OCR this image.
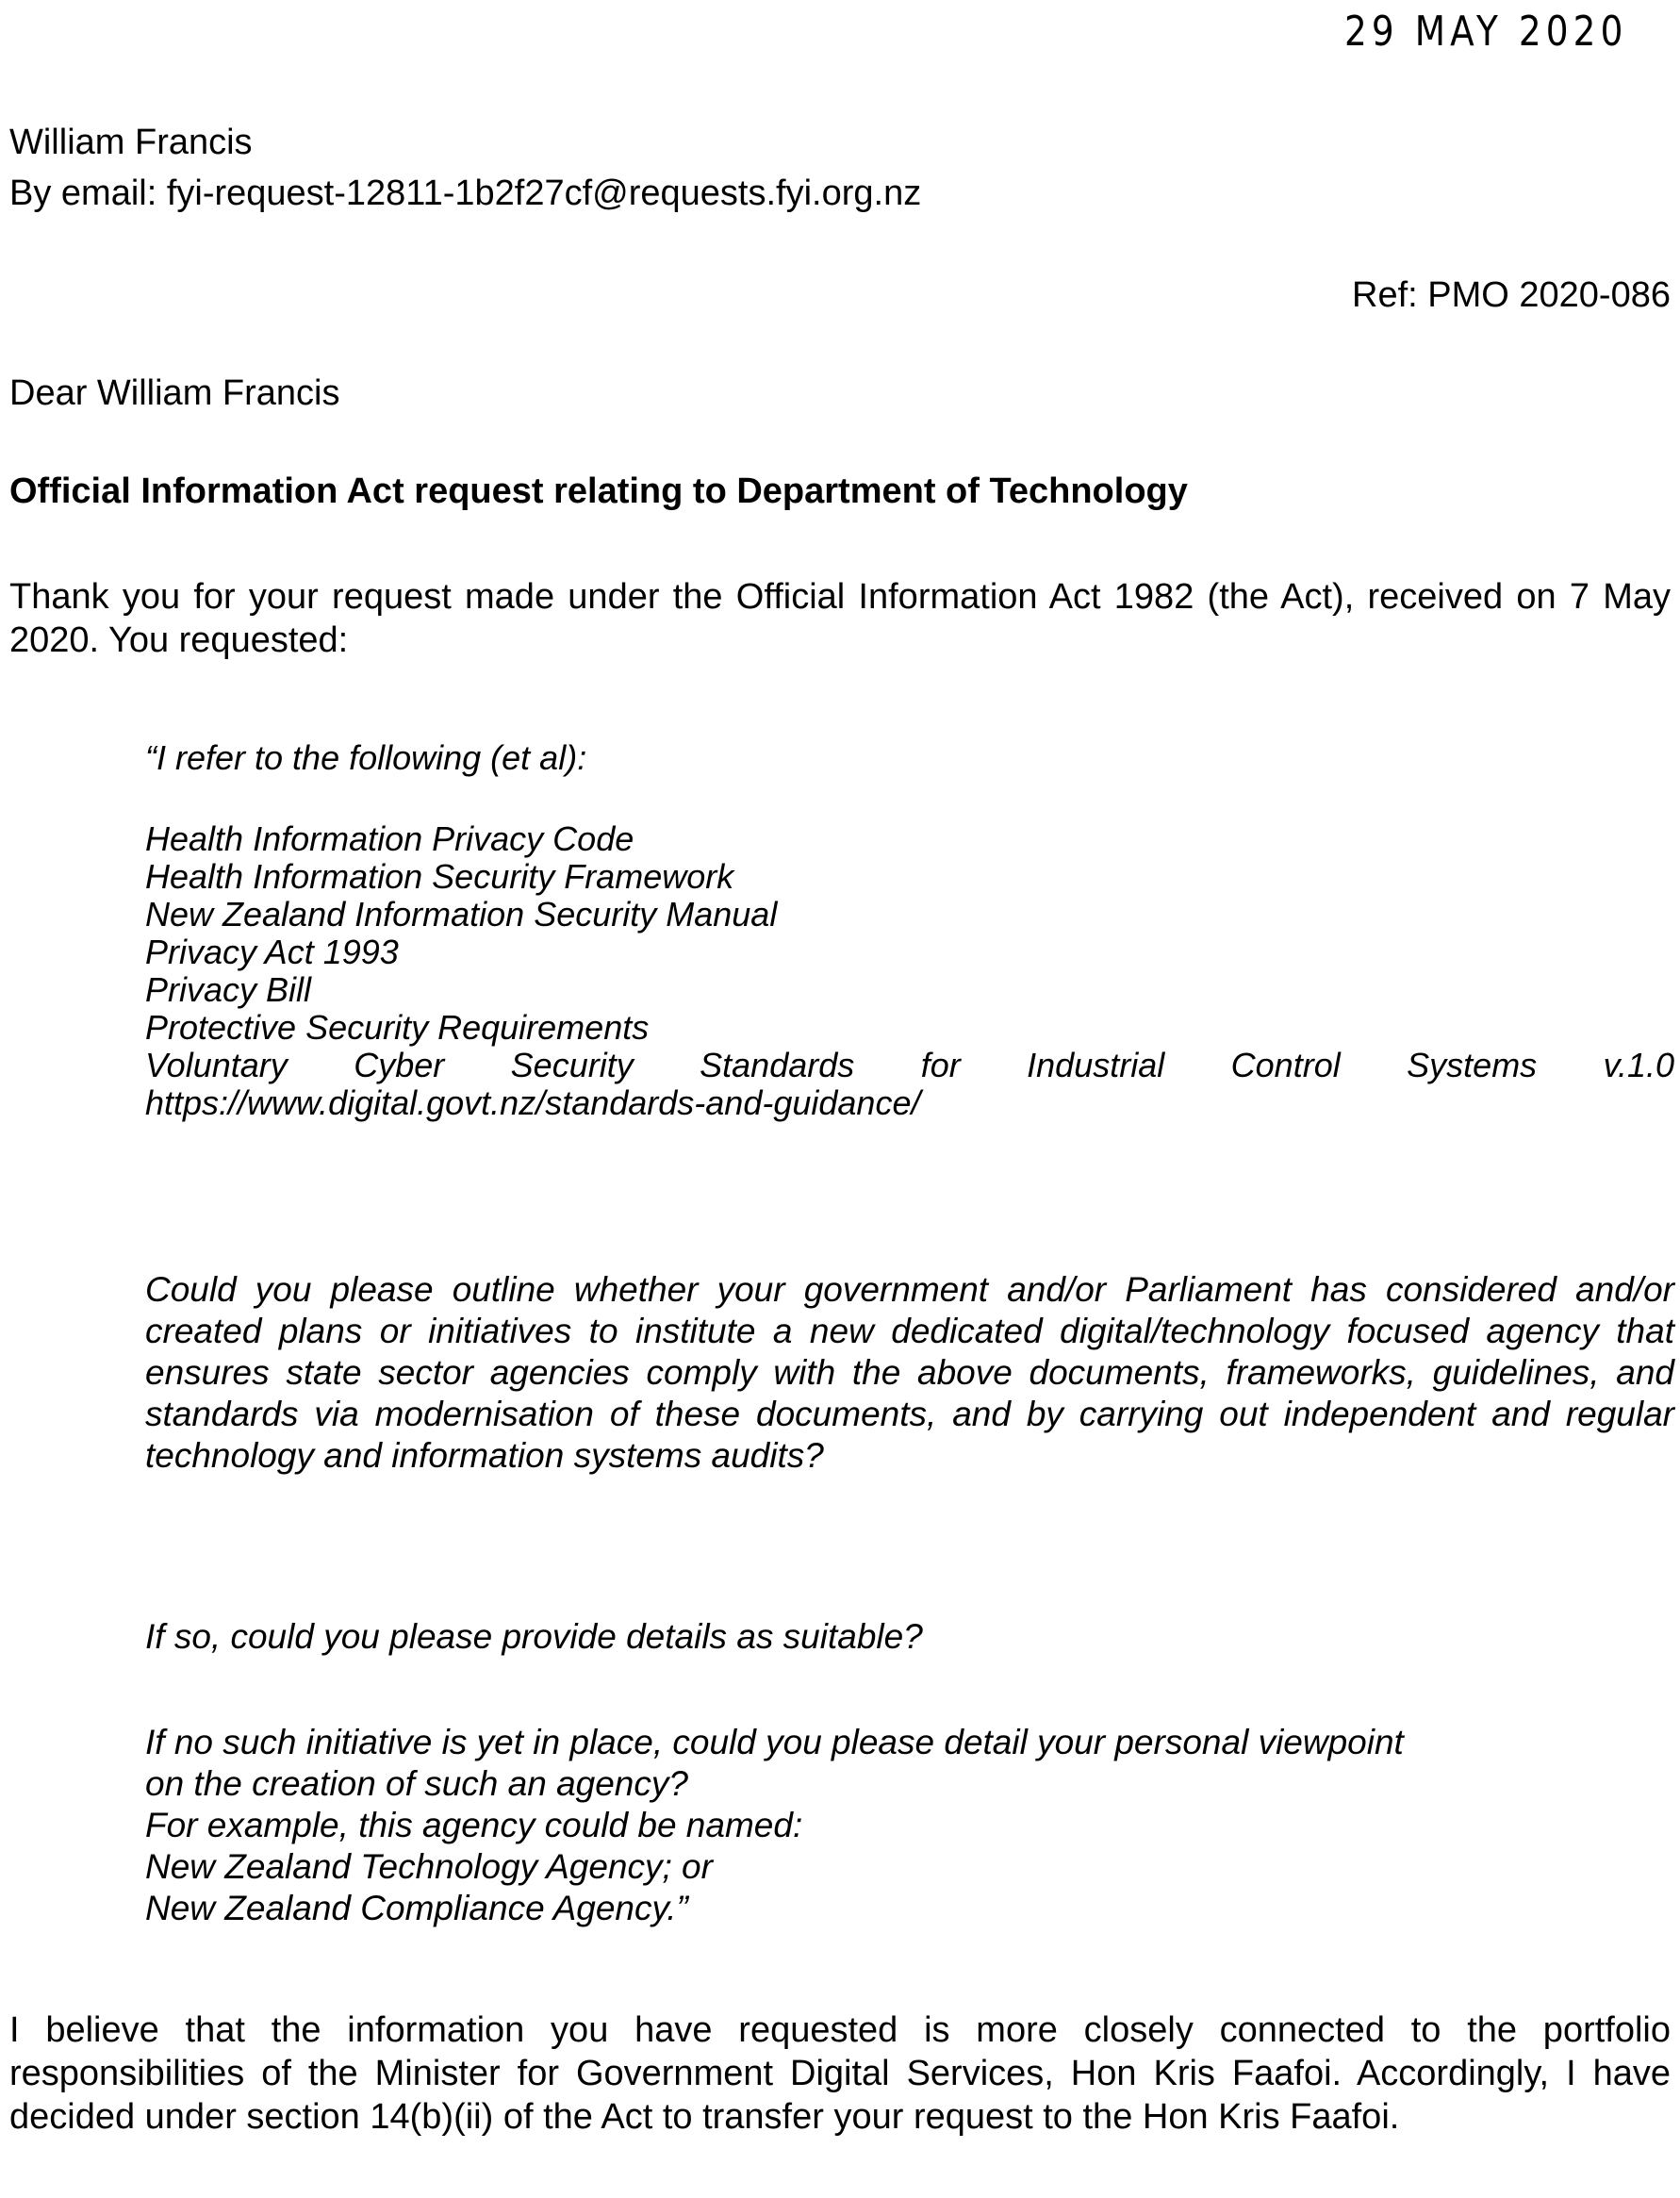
29 MAY 2020
William Francis
By email: fyi-request-12811-1b2f27cf@requests.fyi.org.nz
Ref: PMO 2020-086
Dear William Francis
Official Information Act request relating to Department of Technology
Thank you for your request made under the Official Information Act 1982 (the Act), received on 7 May 2020. You requested:
“I refer to the following (et al):
Health Information Privacy Code
Health Information Security Framework
New Zealand Information Security Manual
Privacy Act 1993
Privacy Bill
Protective Security Requirements
Voluntary Cyber Security Standards for Industrial Control Systems v.1.0
https://www.digital.govt.nz/standards-and-guidance/
Could you please outline whether your government and/or Parliament has considered and/or created plans or initiatives to institute a new dedicated digital/technology focused agency that ensures state sector agencies comply with the above documents, frameworks, guidelines, and standards via modernisation of these documents, and by carrying out independent and regular technology and information systems audits?
If so, could you please provide details as suitable?
If no such initiative is yet in place, could you please detail your personal viewpoint
on the creation of such an agency?
For example, this agency could be named:
New Zealand Technology Agency; or
New Zealand Compliance Agency.”
I believe that the information you have requested is more closely connected to the portfolio responsibilities of the Minister for Government Digital Services, Hon Kris Faafoi. Accordingly, I have decided under section 14(b)(ii) of the Act to transfer your request to the Hon Kris Faafoi.
